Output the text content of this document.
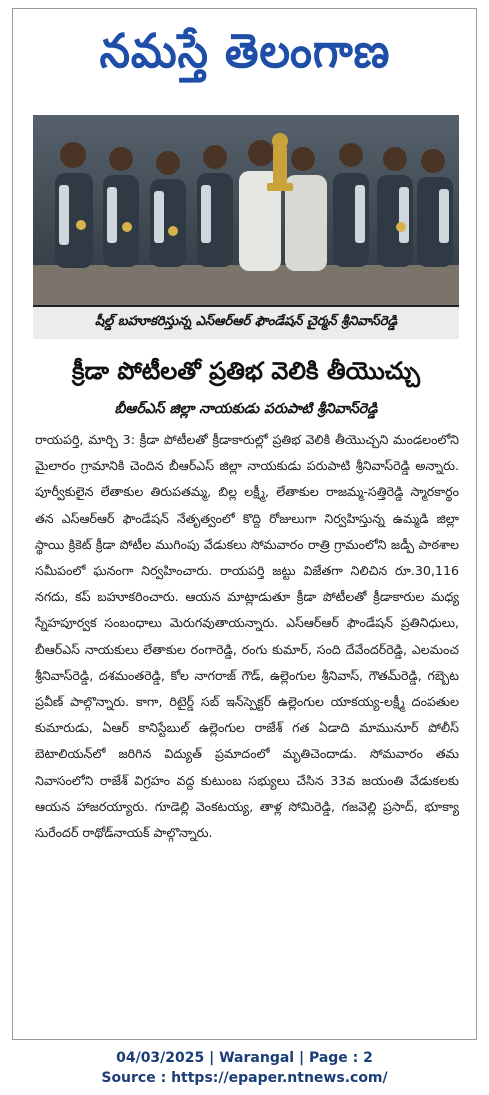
నమస్తే తెలంగాణ
షీల్డ్ బహూకరిస్తున్న ఎస్ఆర్ఆర్ ఫౌండేషన్ చైర్మన్ శ్రీనివాస్‌రెడ్డి
క్రీడా పోటీలతో ప్రతిభ వెలికి తీయొచ్చు
బీఆర్ఎస్ జిల్లా నాయకుడు పరుపాటి శ్రీనివాస్‌రెడ్డి
రాయపర్తి, మార్చి 3: క్రీడా పోటీలతో క్రీడాకారుల్లో ప్రతిభ వెలికి తీయొచ్చని మండలంలోని మైలారం గ్రామానికి చెందిన బీఆర్ఎస్ జిల్లా నాయకుడు పరుపాటి శ్రీనివాస్‌రెడ్డి అన్నారు. పూర్వీకులైన లేతాకుల తిరుపతమ్మ, బిల్ల లక్ష్మీ, లేతాకుల రాజమ్మ-సత్తిరెడ్డి స్మారకార్థం తన ఎస్ఆర్ఆర్ ఫౌండేషన్ నేతృత్వంలో కొద్ది రోజులుగా నిర్వహిస్తున్న ఉమ్మడి జిల్లా స్థాయి క్రికెట్ క్రీడా పోటీల ముగింపు వేడుకలు సోమవారం రాత్రి గ్రామంలోని జడ్పీ పాఠశాల సమీపంలో ఘనంగా నిర్వహించారు. రాయపర్తి జట్టు విజేతగా నిలిచిన రూ.30,116 నగదు, కప్ బహూకరించారు. ఆయన మాట్లాడుతూ క్రీడా పోటీలతో క్రీడాకారుల మధ్య స్నేహపూర్వక సంబంధాలు మెరుగవుతాయన్నారు. ఎస్ఆర్ఆర్ ఫౌండేషన్ ప్రతినిధులు, బీఆర్ఎస్ నాయకులు లేతాకుల రంగారెడ్డి, రంగు కుమార్, సంది దేవేందర్‌రెడ్డి, ఎలమంచ శ్రీనివాస్‌రెడ్డి, దశమంతరెడ్డి, కోల నాగరాజ్ గౌడ్, ఉల్లెంగుల శ్రీనివాస్, గౌతమ్‌రెడ్డి, గబ్బెట ప్రవీణ్ పాల్గొన్నారు. కాగా, రిటైర్డ్ సబ్ ఇన్‌స్పెక్టర్ ఉల్లెంగుల యాకయ్య-లక్ష్మీ దంపతుల కుమారుడు, ఏఆర్ కానిస్టేబుల్ ఉల్లెంగుల రాజేశ్ గత ఏడాది మామునూర్ పోలీస్ బెటాలియన్‌లో జరిగిన విద్యుత్ ప్రమాదంలో మృతిచెందాడు. సోమవారం తమ నివాసంలోని రాజేశ్ విగ్రహం వద్ద కుటుంబ సభ్యులు చేసిన 33వ జయంతి వేడుకలకు ఆయన హాజరయ్యారు. గూడెల్లి వెంకటయ్య, తాళ్ల సోమిరెడ్డి, గజవెల్లి ప్రసాద్, భూక్యా సురేందర్ రాథోడ్‌నాయక్ పాల్గొన్నారు.
04/03/2025 | Warangal | Page : 2
Source : https://epaper.ntnews.com/
